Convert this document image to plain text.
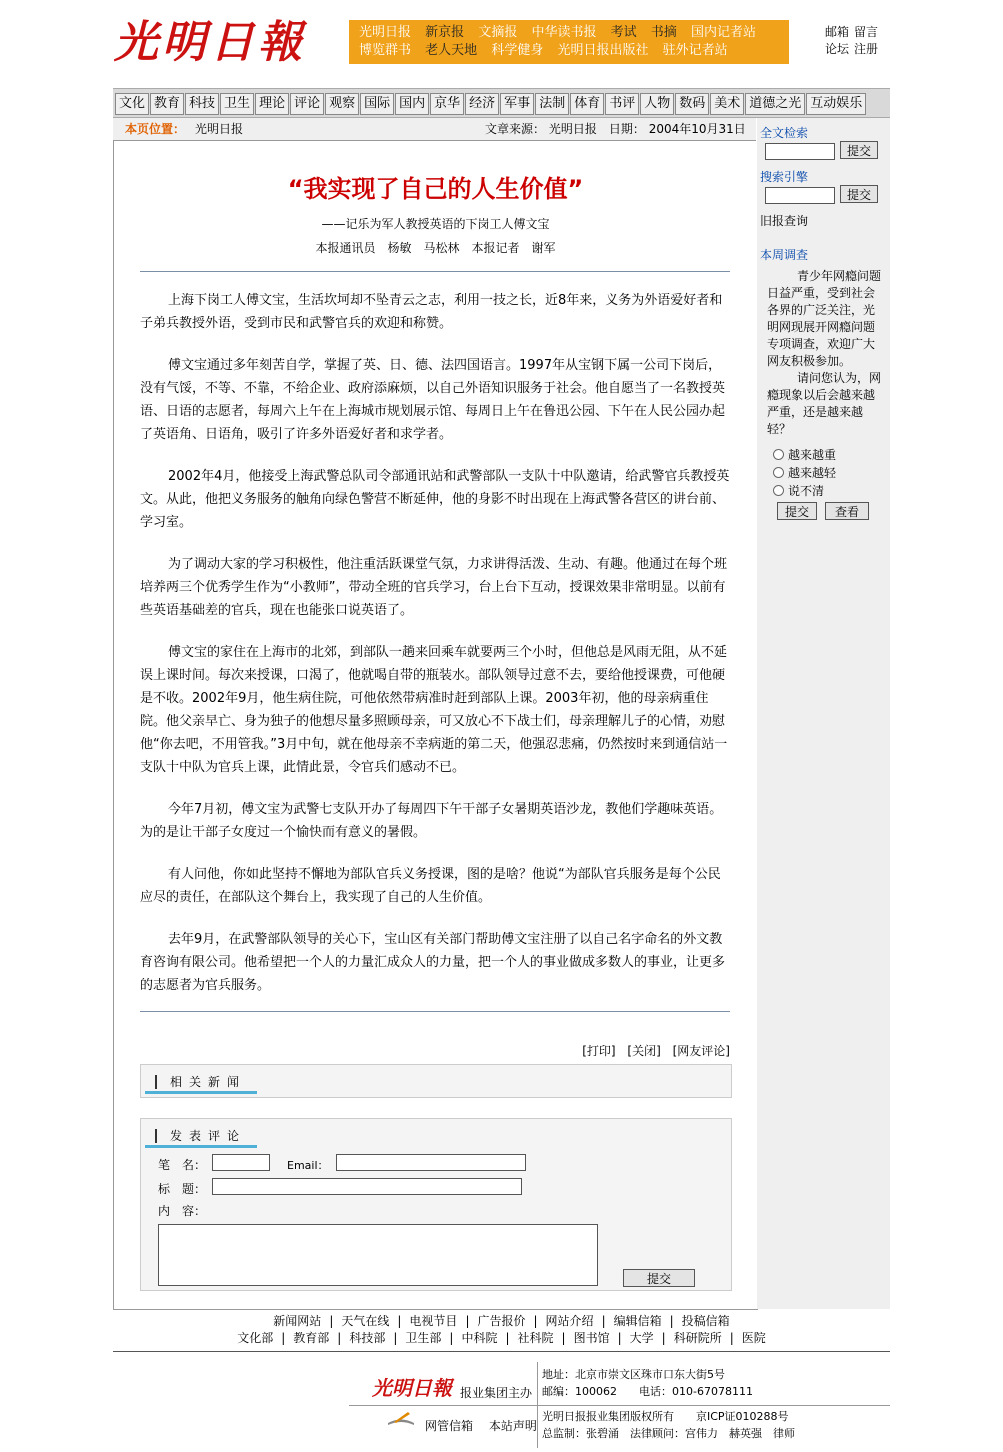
光明日報	光明日报 新京报 文摘报 中华读书报 考试 书摘 国内记者站
博览群书 老人天地 科学健身 光明日报出版社 驻外记者站
邮箱 留言
论坛 注册
文化 教育 科技 卫生 理论 评论 观察 国际 国内 京华 经济 军事 法制 体育 书评 人物 数码 美术 道德之光 互动娱乐
本页位置： 光明日报	文章来源： 光明日报　 日期： 2004年10月31日
“我实现了自己的人生价值”
——记乐为军人教授英语的下岗工人傅文宝
本报通讯员　杨敏　马松林　本报记者　谢军

上海下岗工人傅文宝，生活坎坷却不坠青云之志，利用一技之长，近8年来，义务为外语爱好者和子弟兵教授外语，受到市民和武警官兵的欢迎和称赞。

傅文宝通过多年刻苦自学，掌握了英、日、德、法四国语言。1997年从宝钢下属一公司下岗后，没有气馁，不等、不靠，不给企业、政府添麻烦，以自己外语知识服务于社会。他自愿当了一名教授英语、日语的志愿者，每周六上午在上海城市规划展示馆、每周日上午在鲁迅公园、下午在人民公园办起了英语角、日语角，吸引了许多外语爱好者和求学者。

2002年4月，他接受上海武警总队司令部通讯站和武警部队一支队十中队邀请，给武警官兵教授英文。从此，他把义务服务的触角向绿色警营不断延伸，他的身影不时出现在上海武警各营区的讲台前、学习室。

为了调动大家的学习积极性，他注重活跃课堂气氛，力求讲得活泼、生动、有趣。他通过在每个班培养两三个优秀学生作为“小教师”，带动全班的官兵学习，台上台下互动，授课效果非常明显。以前有些英语基础差的官兵，现在也能张口说英语了。

傅文宝的家住在上海市的北郊，到部队一趟来回乘车就要两三个小时，但他总是风雨无阻，从不延误上课时间。每次来授课，口渴了，他就喝自带的瓶装水。部队领导过意不去，要给他授课费，可他硬是不收。2002年9月，他生病住院，可他依然带病准时赶到部队上课。2003年初，他的母亲病重住院。他父亲早亡、身为独子的他想尽量多照顾母亲，可又放心不下战士们，母亲理解儿子的心情，劝慰他“你去吧，不用管我。”3月中旬，就在他母亲不幸病逝的第二天，他强忍悲痛，仍然按时来到通信站一支队十中队为官兵上课，此情此景，令官兵们感动不已。

今年7月初，傅文宝为武警七支队开办了每周四下午干部子女暑期英语沙龙，教他们学趣味英语。为的是让干部子女度过一个愉快而有意义的暑假。

有人问他，你如此坚持不懈地为部队官兵义务授课，图的是啥？他说“为部队官兵服务是每个公民应尽的责任，在部队这个舞台上，我实现了自己的人生价值。

去年9月，在武警部队领导的关心下，宝山区有关部门帮助傅文宝注册了以自己名字命名的外文教育咨询有限公司。他希望把一个人的力量汇成众人的力量，把一个人的事业做成多数人的事业，让更多的志愿者为官兵服务。

[打印] [关闭] [网友评论]
相关新闻
发表评论
笔　名：	Email：
标　题：
内　容：
提交
全文检索
提交
搜索引擎
提交
旧报查询
本周调查
青少年网瘾问题日益严重，受到社会各界的广泛关注，光明网现展开网瘾问题专项调查，欢迎广大网友积极参加。
请问您认为，网瘾现象以后会越来越严重，还是越来越轻？
越来越重
越来越轻
说不清
提交	查看
新闻网站 | 天气在线 | 电视节目 | 广告报价 | 网站介绍 | 编辑信箱 | 投稿信箱
文化部 | 教育部 | 科技部 | 卫生部 | 中科院 | 社科院 | 图书馆 | 大学 | 科研院所 | 医院
光明日報 报业集团主办
地址：北京市崇文区珠市口东大街5号
邮编：100062　　电话：010-67078111
网管信箱 本站声明
光明日报报业集团版权所有　　京ICP证010288号
总监制：张碧涌　法律顾问：宫伟力　赫英强　律师
